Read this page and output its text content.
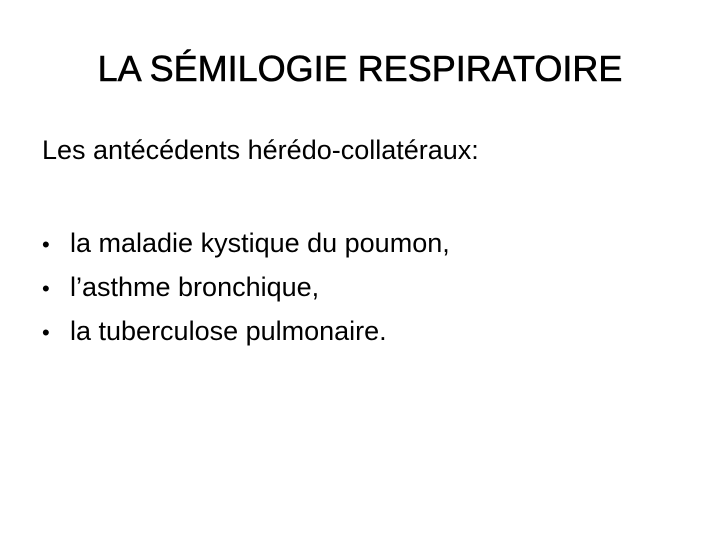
LA SÉMILOGIE RESPIRATOIRE

Les antécédents hérédo-collatéraux:

• la maladie kystique du poumon,
• l’asthme bronchique,
• la tuberculose pulmonaire.
